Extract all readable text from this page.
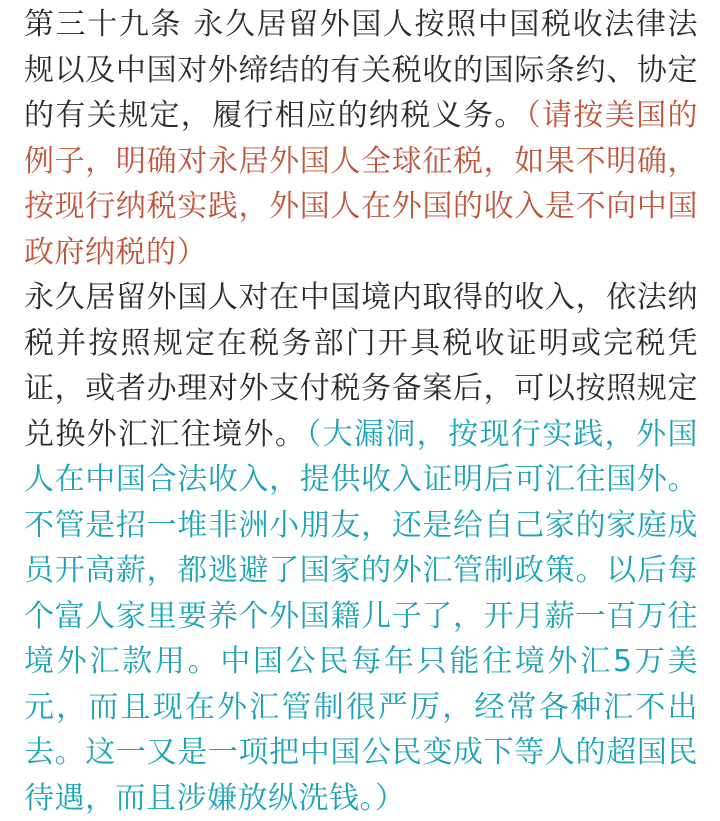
第三十九条 永久居留外国人按照中国税收法律法规以及中国对外缔结的有关税收的国际条约、协定的有关规定，履行相应的纳税义务。（请按美国的例子，明确对永居外国人全球征税，如果不明确，按现行纳税实践，外国人在外国的收入是不向中国政府纳税的）

永久居留外国人对在中国境内取得的收入，依法纳税并按照规定在税务部门开具税收证明或完税凭证，或者办理对外支付税务备案后，可以按照规定兑换外汇汇往境外。（大漏洞，按现行实践，外国人在中国合法收入，提供收入证明后可汇往国外。不管是招一堆非洲小朋友，还是给自己家的家庭成员开高薪，都逃避了国家的外汇管制政策。以后每个富人家里要养个外国籍儿子了，开月薪一百万往境外汇款用。中国公民每年只能往境外汇5万美元，而且现在外汇管制很严厉，经常各种汇不出去。这一又是一项把中国公民变成下等人的超国民待遇，而且涉嫌放纵洗钱。）
